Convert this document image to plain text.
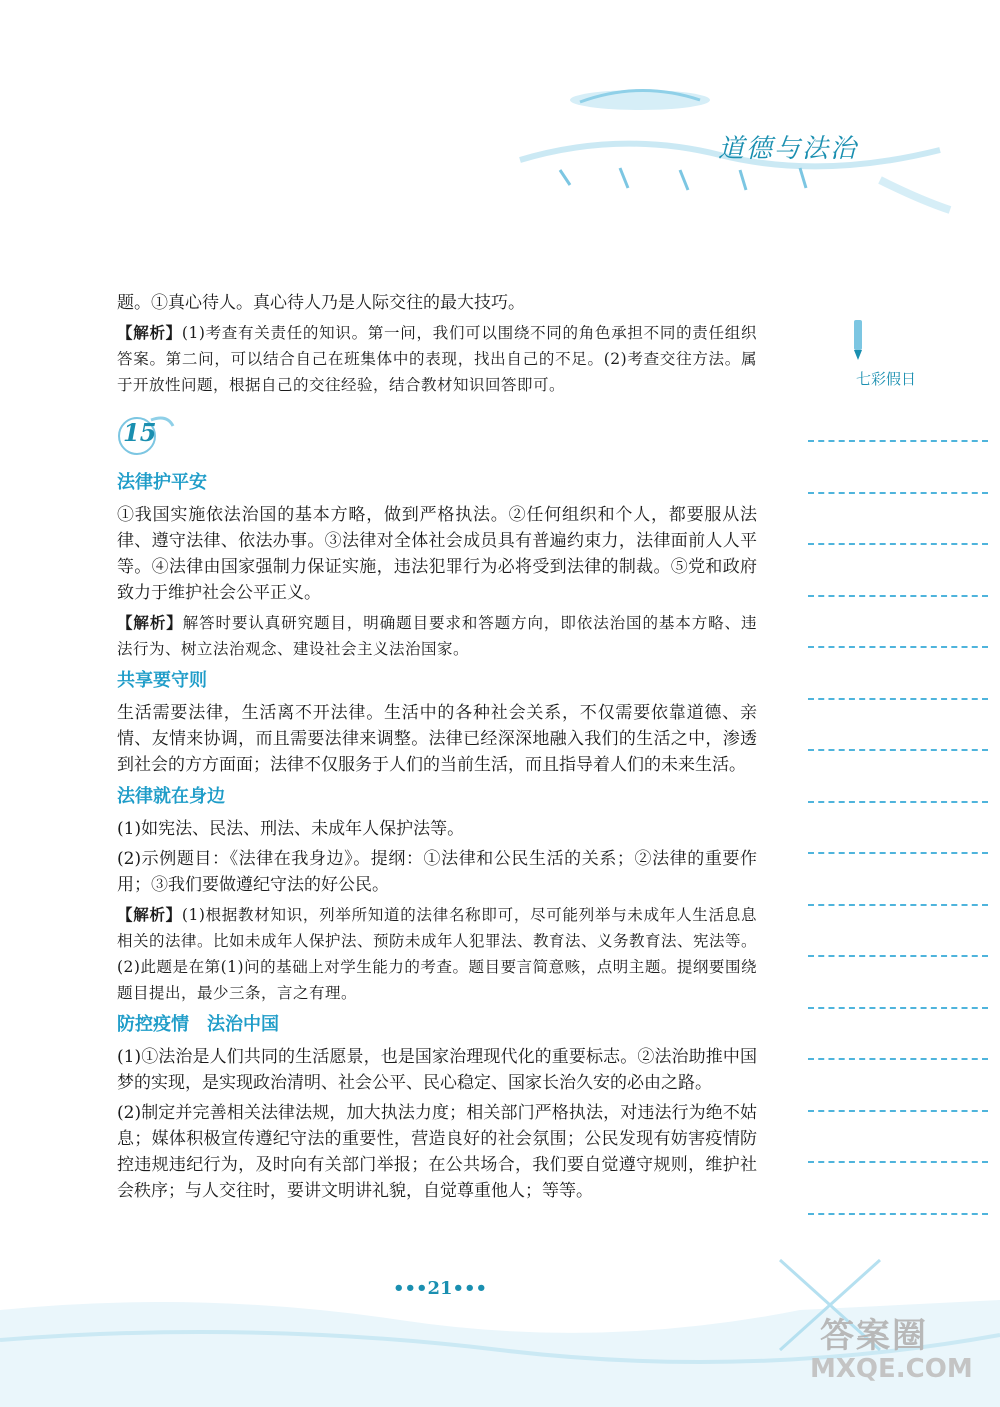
道德与法治
七彩假日

题。①真心待人。真心待人乃是人际交往的最大技巧。

【解析】(1)考查有关责任的知识。第一问，我们可以围绕不同的角色承担不同的责任组织答案。第二问，可以结合自己在班集体中的表现，找出自己的不足。(2)考查交往方法。属于开放性问题，根据自己的交往经验，结合教材知识回答即可。

15
法律护平安

①我国实施依法治国的基本方略，做到严格执法。②任何组织和个人，都要服从法律、遵守法律、依法办事。③法律对全体社会成员具有普遍约束力，法律面前人人平等。④法律由国家强制力保证实施，违法犯罪行为必将受到法律的制裁。⑤党和政府致力于维护社会公平正义。

【解析】解答时要认真研究题目，明确题目要求和答题方向，即依法治国的基本方略、违法行为、树立法治观念、建设社会主义法治国家。

共享要守则

生活需要法律，生活离不开法律。生活中的各种社会关系，不仅需要依靠道德、亲情、友情来协调，而且需要法律来调整。法律已经深深地融入我们的生活之中，渗透到社会的方方面面；法律不仅服务于人们的当前生活，而且指导着人们的未来生活。

法律就在身边

(1)如宪法、民法、刑法、未成年人保护法等。

(2)示例题目：《法律在我身边》。提纲：①法律和公民生活的关系；②法律的重要作用；③我们要做遵纪守法的好公民。

【解析】(1)根据教材知识，列举所知道的法律名称即可，尽可能列举与未成年人生活息息相关的法律。比如未成年人保护法、预防未成年人犯罪法、教育法、义务教育法、宪法等。(2)此题是在第(1)问的基础上对学生能力的考查。题目要言简意赅，点明主题。提纲要围绕题目提出，最少三条，言之有理。

防控疫情　法治中国

(1)①法治是人们共同的生活愿景，也是国家治理现代化的重要标志。②法治助推中国梦的实现，是实现政治清明、社会公平、民心稳定、国家长治久安的必由之路。

(2)制定并完善相关法律法规，加大执法力度；相关部门严格执法，对违法行为绝不姑息；媒体积极宣传遵纪守法的重要性，营造良好的社会氛围；公民发现有妨害疫情防控违规违纪行为，及时向有关部门举报；在公共场合，我们要自觉遵守规则，维护社会秩序；与人交往时，要讲文明讲礼貌，自觉尊重他人；等等。

•••21•••
答案圈
MXQE.COM
